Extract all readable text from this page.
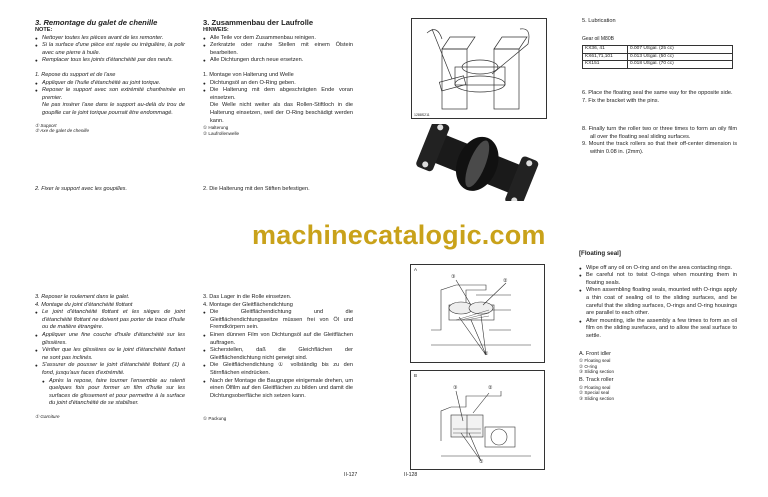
3. Remontage du galet de chenille
NOTE:
● Nettoyer toutes les pièces avant de les remonter.
● Si la surface d'une pièce est rayée ou irrégulière, la polir avec une pierre à huile.
● Remplacer tous les joints d'étanchéité par des neufs.
1. Repose du support et de l'axe
● Appliquer de l'huile d'étanchéité au joint torique.
● Reposer le support avec son extrémité chanfreinée en premier.
Ne pas insérer l'axe dans le support au-delà du trou de goupille car le joint torique pourrait être endommagé.
① Support
② Axe de galet de chenille
2. Fixer le support avec les goupilles.
3. Zusammenbau der Laufrolle
HINWEIS:
● Alle Teile vor dem Zusammenbau reinigen.
● Zerkratzte oder rauhe Stellen mit einem Ölstein bearbeiten.
● Alle Dichtungen durch neue ersetzen.
1. Montage von Halterung und Welle
● Dichtungsöl an den O-Ring geben.
● Die Halterung mit dem abgeschrägten Ende voran einsetzen.
Die Welle nicht weiter als das Rollen-Stiftloch in die Halterung einsetzen, weil der O-Ring beschädigt werden kann.
① Halterung
② Laufrollenwelle
2. Die Halterung mit den Stiften befestigen.
3. Reposer le roulement dans le galet.
4. Montage du joint d'étanchéité flottant
● Le joint d'étanchéité flottant et les sièges de joint d'étanchéité flottant ne doivent pas porter de trace d'huile ou de matière étrangère.
● Appliquer une fine couche d'huile d'étanchéité sur les glissières.
● Vérifier que les glissières ou le joint d'étanchéité flottant ne sont pas inclinés.
● S'assurer de pousser le joint d'étanchéité flottant (1) à fond, jusqu'aux faces d'extrémité.
● Après la repose, faire tourner l'ensemble au ralenti quelques fois pour former un film d'huile sur les surfaces de glissement et pour permettre à la surface du joint d'étanchéité de se stabiliser.
① Garniture
3. Das Lager in die Rolle einsetzen.
4. Montage der Gleitflächendichtung
● Die Gleitflächendichtung und die Gleitflächendichtungsseitze müssen frei von Öl und Fremdkörpern sein.
● Einen dünnen Film von Dichtungsöl auf die Gleitflächen auftragen.
● Sicherstellen, daß die Gleichflächen der Gleitflächendichtung nicht geneigt sind.
● Die Gleitflächendichtung ① vollständig bis zu den Stirnflächen eindrücken.
● Nach der Montage die Baugruppe einigemale drehen, um einen Ölfilm auf den Gleitflächen zu bilden und damit die Dichtungsoberfläche sich setzen kann.
① Packung
II-127
1288S211
5. Lubrication
Gear oil M80B
KX36, 41	0.007 USgal. (25 cc)
KX61,71,101	0.013 USgal. (50 cc)
KX151	0.018 USgal. (70 cc)
6. Place the floating seal the same way for the opposite side.
7. Fix the bracket with the pins.
8. Finally turn the roller two or three times to form an oily film all over the floating seal sliding surfaces.
9. Mount the track rollers so that their off-center dimension is within 0.08 in. (2mm).
machinecatalogic.com
A
③
②
①
B
③	②
①
II-128
[Floating seal]
● Wipe off any oil on O-ring and on the area contacting rings.
● Be careful not to twist O-rings when mounting them in floating seals.
● When assembling floating seals, mounted with O-rings apply a thin coat of sealing oil to the sliding surfaces, and be careful that the sliding surfaces, O-rings and O-ring housings are parallel to each other.
● After mounting, idle the assembly a few times to form an oil film on the sliding surefaces, and to allow the seal surface to settle.
A. Front idler
① Floating seal
② O-ring
③ Sliding section
B. Track roller
① Floating seal
② Special seal
③ Sliding section
